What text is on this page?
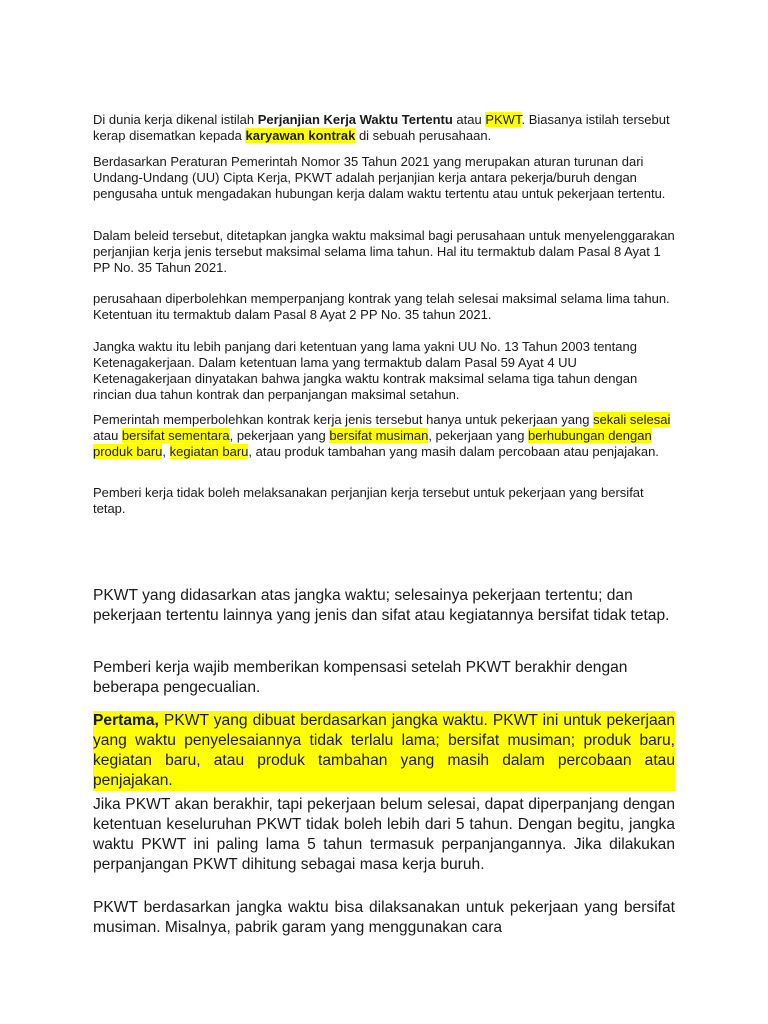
Di dunia kerja dikenal istilah Perjanjian Kerja Waktu Tertentu atau PKWT. Biasanya istilah tersebut kerap disematkan kepada karyawan kontrak di sebuah perusahaan.

Berdasarkan Peraturan Pemerintah Nomor 35 Tahun 2021 yang merupakan aturan turunan dari Undang-Undang (UU) Cipta Kerja, PKWT adalah perjanjian kerja antara pekerja/buruh dengan pengusaha untuk mengadakan hubungan kerja dalam waktu tertentu atau untuk pekerjaan tertentu.

Dalam beleid tersebut, ditetapkan jangka waktu maksimal bagi perusahaan untuk menyelenggarakan perjanjian kerja jenis tersebut maksimal selama lima tahun. Hal itu termaktub dalam Pasal 8 Ayat 1 PP No. 35 Tahun 2021.

perusahaan diperbolehkan memperpanjang kontrak yang telah selesai maksimal selama lima tahun. Ketentuan itu termaktub dalam Pasal 8 Ayat 2 PP No. 35 tahun 2021.

Jangka waktu itu lebih panjang dari ketentuan yang lama yakni UU No. 13 Tahun 2003 tentang Ketenagakerjaan. Dalam ketentuan lama yang termaktub dalam Pasal 59 Ayat 4 UU Ketenagakerjaan dinyatakan bahwa jangka waktu kontrak maksimal selama tiga tahun dengan rincian dua tahun kontrak dan perpanjangan maksimal setahun.

Pemerintah memperbolehkan kontrak kerja jenis tersebut hanya untuk pekerjaan yang sekali selesai atau bersifat sementara, pekerjaan yang bersifat musiman, pekerjaan yang berhubungan dengan produk baru, kegiatan baru, atau produk tambahan yang masih dalam percobaan atau penjajakan.

Pemberi kerja tidak boleh melaksanakan perjanjian kerja tersebut untuk pekerjaan yang bersifat tetap.

PKWT yang didasarkan atas jangka waktu; selesainya pekerjaan tertentu; dan pekerjaan tertentu lainnya yang jenis dan sifat atau kegiatannya bersifat tidak tetap.

Pemberi kerja wajib memberikan kompensasi setelah PKWT berakhir dengan beberapa pengecualian.

Pertama, PKWT yang dibuat berdasarkan jangka waktu. PKWT ini untuk pekerjaan yang waktu penyelesaiannya tidak terlalu lama; bersifat musiman; produk baru, kegiatan baru, atau produk tambahan yang masih dalam percobaan atau penjajakan.

Jika PKWT akan berakhir, tapi pekerjaan belum selesai, dapat diperpanjang dengan ketentuan keseluruhan PKWT tidak boleh lebih dari 5 tahun. Dengan begitu, jangka waktu PKWT ini paling lama 5 tahun termasuk perpanjangannya. Jika dilakukan perpanjangan PKWT dihitung sebagai masa kerja buruh.

PKWT berdasarkan jangka waktu bisa dilaksanakan untuk pekerjaan yang bersifat musiman. Misalnya, pabrik garam yang menggunakan cara
